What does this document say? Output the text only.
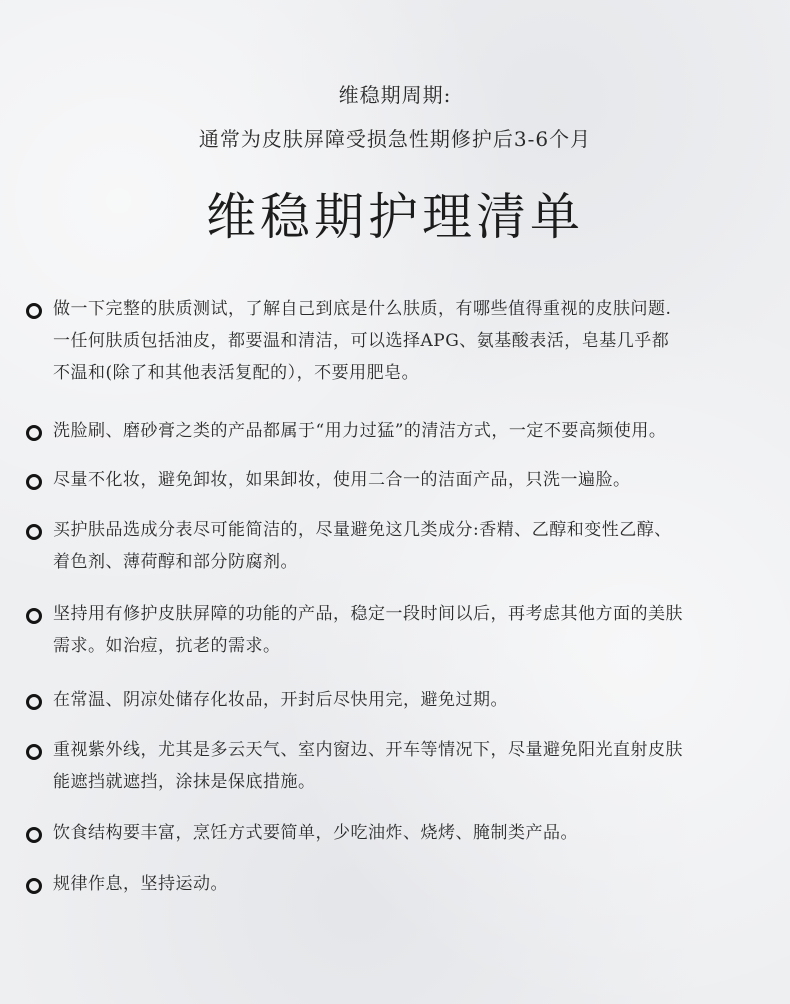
维稳期周期:
通常为皮肤屏障受损急性期修护后3-6个月
维稳期护理清单
做一下完整的肤质测试，了解自己到底是什么肤质，有哪些值得重视的皮肤问题.
一任何肤质包括油皮，都要温和清洁，可以选择APG、氨基酸表活，皂基几乎都
不温和(除了和其他表活复配的），不要用肥皂。
洗脸刷、磨砂膏之类的产品都属于“用力过猛”的清洁方式，一定不要高频使用。
尽量不化妆，避免卸妆，如果卸妆，使用二合一的洁面产品，只洗一遍脸。
买护肤品选成分表尽可能简洁的，尽量避免这几类成分:香精、乙醇和变性乙醇、
着色剂、薄荷醇和部分防腐剂。
坚持用有修护皮肤屏障的功能的产品，稳定一段时间以后，再考虑其他方面的美肤
需求。如治痘，抗老的需求。
在常温、阴凉处储存化妆品，开封后尽快用完，避免过期。
重视紫外线，尤其是多云天气、室内窗边、开车等情况下，尽量避免阳光直射皮肤
能遮挡就遮挡，涂抹是保底措施。
饮食结构要丰富，烹饪方式要简单，少吃油炸、烧烤、腌制类产品。
规律作息，坚持运动。
